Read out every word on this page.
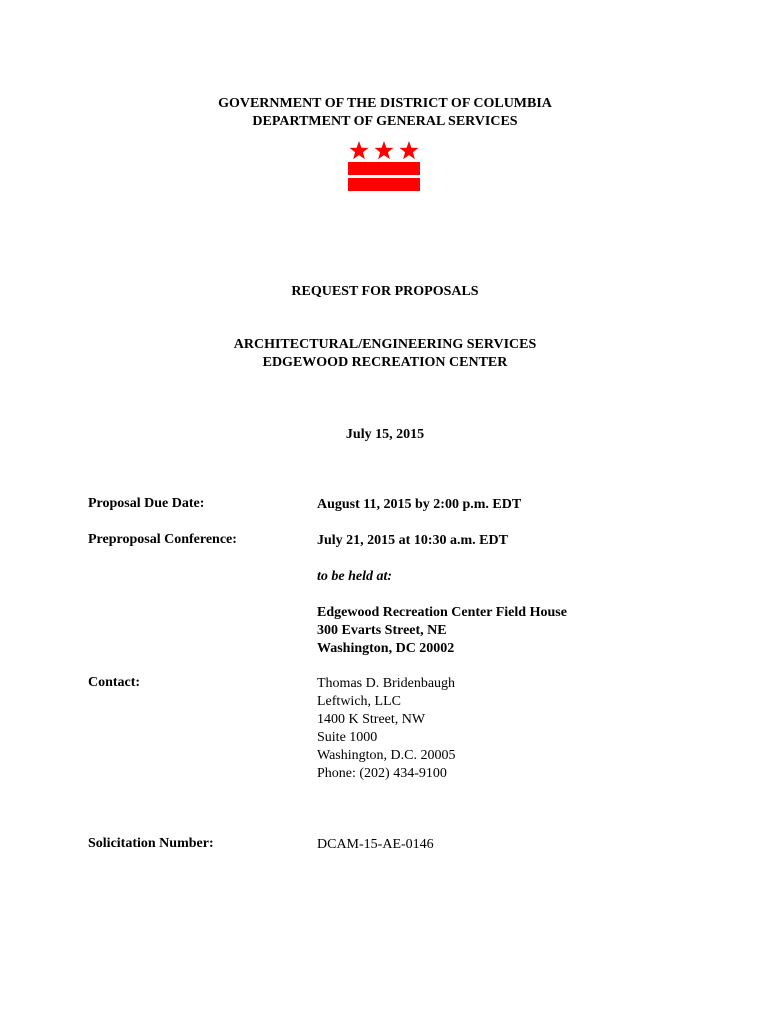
GOVERNMENT OF THE DISTRICT OF COLUMBIA
DEPARTMENT OF GENERAL SERVICES
REQUEST FOR PROPOSALS
ARCHITECTURAL/ENGINEERING SERVICES
EDGEWOOD RECREATION CENTER
July 15, 2015
Proposal Due Date:	August 11, 2015 by 2:00 p.m. EDT
Preproposal Conference:	July 21, 2015 at 10:30 a.m. EDT
to be held at:
Edgewood Recreation Center Field House
300 Evarts Street, NE
Washington, DC 20002
Contact:	Thomas D. Bridenbaugh
Leftwich, LLC
1400 K Street, NW
Suite 1000
Washington, D.C. 20005
Phone: (202) 434-9100
Solicitation Number:	DCAM-15-AE-0146
